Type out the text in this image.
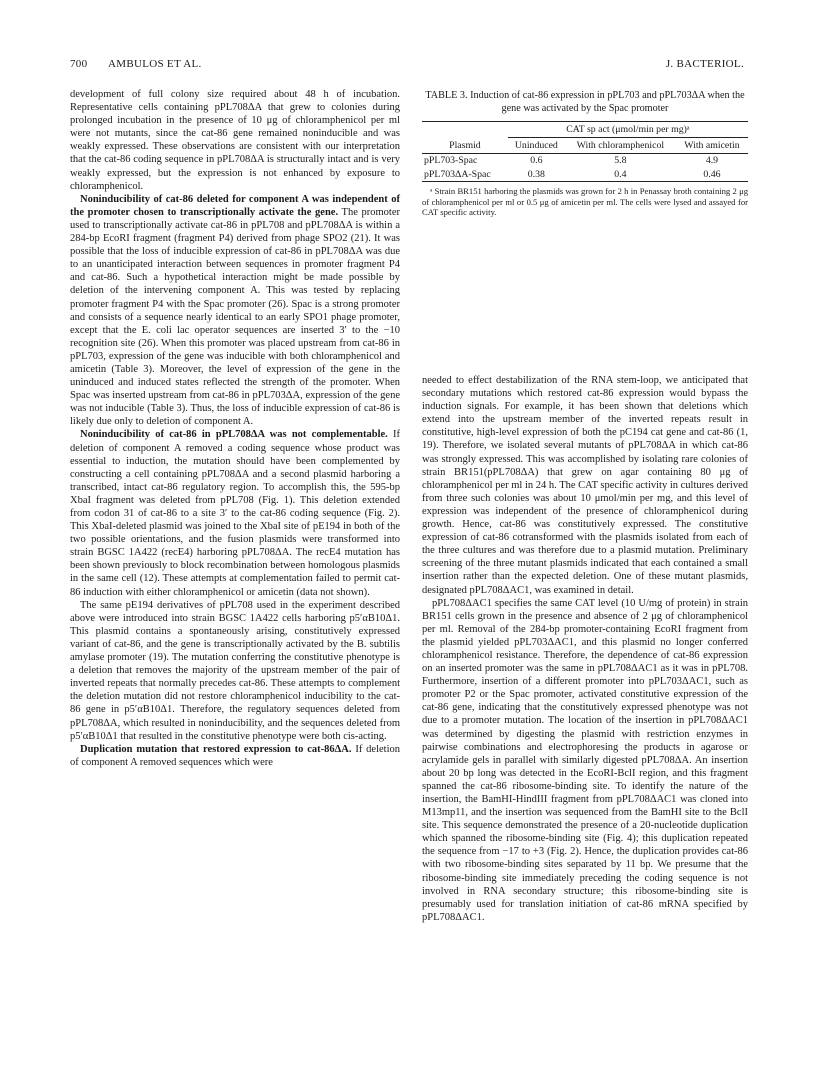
700 AMBULOS ET AL.	J. BACTERIOL.

development of full colony size required about 48 h of incubation. Representative cells containing pPL708ΔA that grew to colonies during prolonged incubation in the presence of 10 μg of chloramphenicol per ml were not mutants, since the cat-86 gene remained noninducible and was weakly expressed. These observations are consistent with our interpretation that the cat-86 coding sequence in pPL708ΔA is structurally intact and is very weakly expressed, but the expression is not enhanced by exposure to chloramphenicol.

Noninducibility of cat-86 deleted for component A was independent of the promoter chosen to transcriptionally activate the gene. The promoter used to transcriptionally activate cat-86 in pPL708 and pPL708ΔA is within a 284-bp EcoRI fragment (fragment P4) derived from phage SPO2 (21). It was possible that the loss of inducible expression of cat-86 in pPL708ΔA was due to an unanticipated interaction between sequences in promoter fragment P4 and cat-86. Such a hypothetical interaction might be made possible by deletion of the intervening component A. This was tested by replacing promoter fragment P4 with the Spac promoter (26). Spac is a strong promoter and consists of a sequence nearly identical to an early SPO1 phage promoter, except that the E. coli lac operator sequences are inserted 3′ to the −10 recognition site (26). When this promoter was placed upstream from cat-86 in pPL703, expression of the gene was inducible with both chloramphenicol and amicetin (Table 3). Moreover, the level of expression of the gene in the uninduced and induced states reflected the strength of the promoter. When Spac was inserted upstream from cat-86 in pPL703ΔA, expression of the gene was not inducible (Table 3). Thus, the loss of inducible expression of cat-86 is likely due only to deletion of component A.

Noninducibility of cat-86 in pPL708ΔA was not complementable. If deletion of component A removed a coding sequence whose product was essential to induction, the mutation should have been complemented by constructing a cell containing pPL708ΔA and a second plasmid harboring a transcribed, intact cat-86 regulatory region. To accomplish this, the 595-bp XbaI fragment was deleted from pPL708 (Fig. 1). This deletion extended from codon 31 of cat-86 to a site 3′ to the cat-86 coding sequence (Fig. 2). This XbaI-deleted plasmid was joined to the XbaI site of pE194 in both of the two possible orientations, and the fusion plasmids were transformed into strain BGSC 1A422 (recE4) harboring pPL708ΔA. The recE4 mutation has been shown previously to block recombination between homologous plasmids in the same cell (12). These attempts at complementation failed to permit cat-86 induction with either chloramphenicol or amicetin (data not shown).

The same pE194 derivatives of pPL708 used in the experiment described above were introduced into strain BGSC 1A422 cells harboring p5′αB10Δ1. This plasmid contains a spontaneously arising, constitutively expressed variant of cat-86, and the gene is transcriptionally activated by the B. subtilis amylase promoter (19). The mutation conferring the constitutive phenotype is a deletion that removes the majority of the upstream member of the pair of inverted repeats that normally precedes cat-86. These attempts to complement the deletion mutation did not restore chloramphenicol inducibility to the cat-86 gene in p5′αB10Δ1. Therefore, the regulatory sequences deleted from pPL708ΔA, which resulted in noninducibility, and the sequences deleted from p5′αB10Δ1 that resulted in the constitutive phenotype were both cis-acting.

Duplication mutation that restored expression to cat-86ΔA. If deletion of component A removed sequences which were

TABLE 3. Induction of cat-86 expression in pPL703 and pPL703ΔA when the gene was activated by the Spac promoter
Plasmid	CAT sp act (μmol/min per mg)ᵃ		
	Uninduced	With chloramphenicol	With amicetin
pPL703-Spac	0.6	5.8	4.9
pPL703ΔA-Spac	0.38	0.4	0.46
ᵃ Strain BR151 harboring the plasmids was grown for 2 h in Penassay broth containing 2 μg of chloramphenicol per ml or 0.5 μg of amicetin per ml. The cells were lysed and assayed for CAT specific activity.

needed to effect destabilization of the RNA stem-loop, we anticipated that secondary mutations which restored cat-86 expression would bypass the induction signals. For example, it has been shown that deletions which extend into the upstream member of the inverted repeats result in constitutive, high-level expression of both the pC194 cat gene and cat-86 (1, 19). Therefore, we isolated several mutants of pPL708ΔA in which cat-86 was strongly expressed. This was accomplished by isolating rare colonies of strain BR151(pPL708ΔA) that grew on agar containing 80 μg of chloramphenicol per ml in 24 h. The CAT specific activity in cultures derived from three such colonies was about 10 μmol/min per mg, and this level of expression was independent of the presence of chloramphenicol during growth. Hence, cat-86 was constitutively expressed. The constitutive expression of cat-86 cotransformed with the plasmids isolated from each of the three cultures and was therefore due to a plasmid mutation. Preliminary screening of the three mutant plasmids indicated that each contained a small insertion rather than the expected deletion. One of these mutant plasmids, designated pPL708ΔAC1, was examined in detail.

pPL708ΔAC1 specifies the same CAT level (10 U/mg of protein) in strain BR151 cells grown in the presence and absence of 2 μg of chloramphenicol per ml. Removal of the 284-bp promoter-containing EcoRI fragment from the plasmid yielded pPL703ΔAC1, and this plasmid no longer conferred chloramphenicol resistance. Therefore, the dependence of cat-86 expression on an inserted promoter was the same in pPL708ΔAC1 as it was in pPL708. Furthermore, insertion of a different promoter into pPL703ΔAC1, such as promoter P2 or the Spac promoter, activated constitutive expression of the cat-86 gene, indicating that the constitutively expressed phenotype was not due to a promoter mutation. The location of the insertion in pPL708ΔAC1 was determined by digesting the plasmid with restriction enzymes in pairwise combinations and electrophoresing the products in agarose or acrylamide gels in parallel with similarly digested pPL708ΔA. An insertion about 20 bp long was detected in the EcoRI-BclI region, and this fragment spanned the cat-86 ribosome-binding site. To identify the nature of the insertion, the BamHI-HindIII fragment from pPL708ΔAC1 was cloned into M13mp11, and the insertion was sequenced from the BamHI site to the BclI site. This sequence demonstrated the presence of a 20-nucleotide duplication which spanned the ribosome-binding site (Fig. 4); this duplication repeated the sequence from −17 to +3 (Fig. 2). Hence, the duplication provides cat-86 with two ribosome-binding sites separated by 11 bp. We presume that the ribosome-binding site immediately preceding the coding sequence is not involved in RNA secondary structure; this ribosome-binding site is presumably used for translation initiation of cat-86 mRNA specified by pPL708ΔAC1.
